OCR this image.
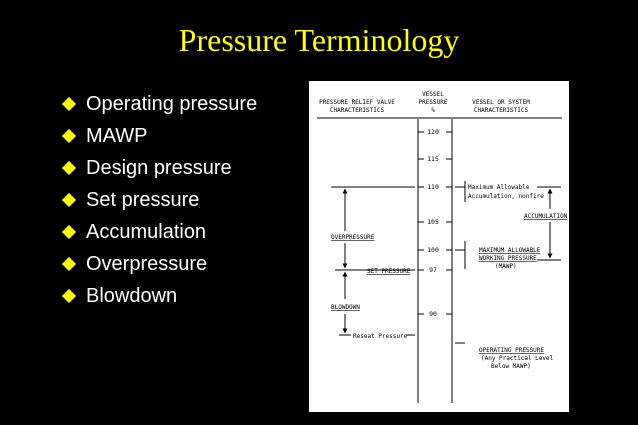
Pressure Terminology
Operating pressure
MAWP
Design pressure
Set pressure
Accumulation
Overpressure
Blowdown
PRESSURE RELIEF VALVE
CHARACTERISTICS
VESSEL
PRESSURE
%
VESSEL OR SYSTEM
CHARACTERISTICS
120
115
110
105
100
97
90
OVERPRESSURE
SET PRESSURE
BLOWDOWN
Reseat Pressure
Maximum Allowable
Accumulation, nonfire
ACCUMULATION
MAXIMUM ALLOWABLE
WORKING PRESSURE
(MAWP)
OPERATING PRESSURE
(Any Practical Level
Below MAWP)
